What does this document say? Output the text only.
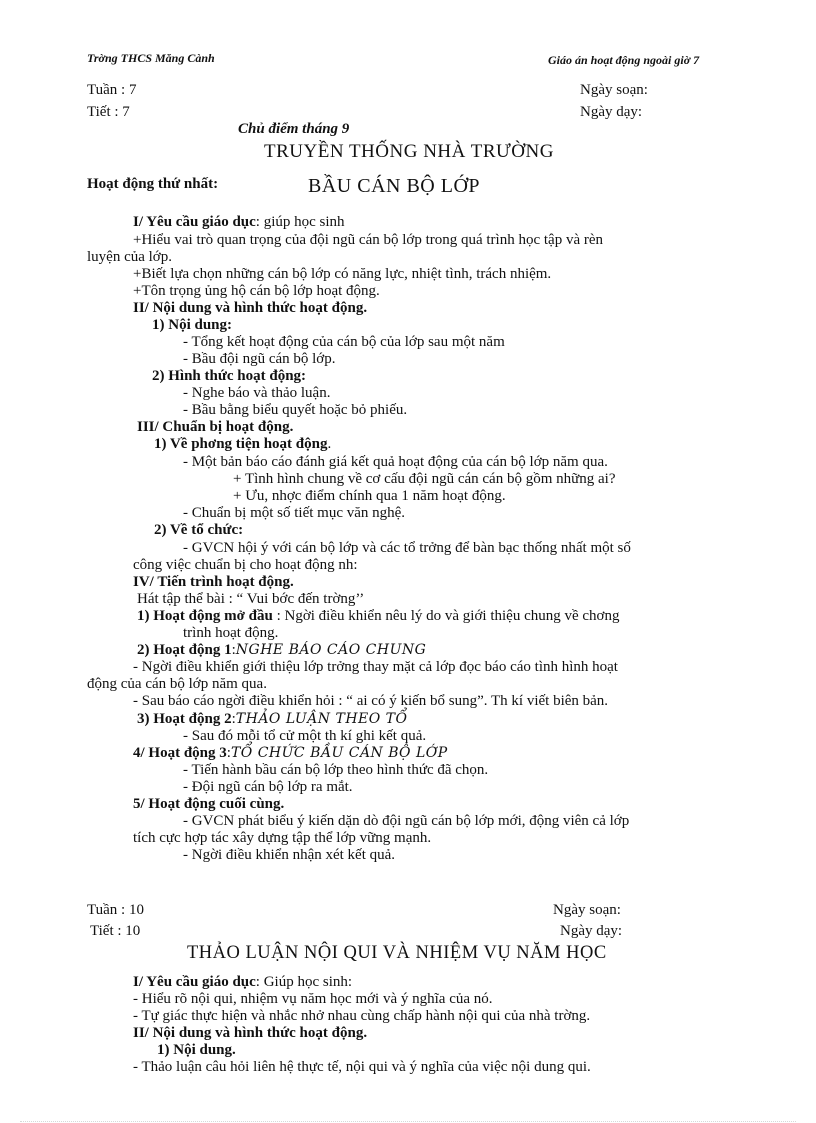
Trờng THCS Măng Cành	Giáo án hoạt động ngoài giờ 7
Tuần : 7
Tiết : 7
Ngày soạn:
Ngày dạy:
Chủ điểm tháng 9
TRUYỀN THỐNG NHÀ TRƯỜNG
Hoạt động thứ nhất:	BẦU CÁN BỘ LỚP
I/ Yêu cầu giáo dục: giúp học sinh
+Hiểu vai trò quan trọng của đội ngũ cán bộ lớp trong quá trình học tập và rèn
luyện của lớp.
+Biết lựa chọn những cán bộ lớp có năng lực, nhiệt tình, trách nhiệm.
+Tôn trọng ủng hộ cán bộ lớp hoạt động.
II/ Nội dung và hình thức hoạt động.
1) Nội dung:
- Tổng kết hoạt động của cán bộ của lớp sau một năm
- Bầu đội ngũ cán bộ lớp.
2) Hình thức hoạt động:
- Nghe báo và thảo luận.
- Bầu bằng biểu quyết hoặc bỏ phiếu.
III/ Chuẩn bị hoạt động.
1) Về phơng tiện hoạt động.
- Một bản báo cáo đánh giá kết quả hoạt động của cán bộ lớp năm qua.
+ Tình hình chung về cơ cấu đội ngũ cán cán bộ gồm những ai?
+ Ưu, nhợc điểm chính qua 1 năm hoạt động.
- Chuẩn bị một số tiết mục văn nghệ.
2) Về tổ chức:
- GVCN hội ý với cán bộ lớp và các tổ trởng để bàn bạc thống nhất một số
công việc chuẩn bị cho hoạt động nh:
IV/ Tiến trình hoạt động.
Hát tập thể bài : “ Vui bớc đến trờng’’
1) Hoạt động mở đầu : Ngời điều khiển nêu lý do và giới thiệu chung về chơng
trình hoạt động.
2) Hoạt động 1:NGHE BÁO CÁO CHUNG
- Ngời điều khiển giới thiệu lớp trởng thay mặt cả lớp đọc báo cáo tình hình hoạt
động của cán bộ lớp năm qua.
- Sau báo cáo ngời điều khiển hỏi : “ ai có ý kiến bổ sung”. Th kí viết biên bản.
3) Hoạt động 2:THẢO LUẬN THEO TỔ
- Sau đó mỗi tổ cử một th kí ghi kết quả.
4/ Hoạt động 3:TỔ CHỨC BẦU CÁN BỘ LỚP
- Tiến hành bầu cán bộ lớp theo hình thức đã chọn.
- Đội ngũ cán bộ lớp ra mắt.
5/ Hoạt động cuối cùng.
- GVCN phát biểu ý kiến dặn dò đội ngũ cán bộ lớp mới, động viên cả lớp
tích cực hợp tác xây dựng tập thể lớp vững mạnh.
- Ngời điều khiển nhận xét kết quả.
Tuần : 10
Tiết : 10
Ngày soạn:
Ngày dạy:
THẢO LUẬN NỘI QUI VÀ NHIỆM VỤ NĂM HỌC
I/ Yêu cầu giáo dục: Giúp học sinh:
- Hiểu rõ nội qui, nhiệm vụ năm học mới và ý nghĩa của nó.
- Tự giác thực hiện và nhắc nhở nhau cùng chấp hành nội qui của nhà trờng.
II/ Nội dung và hình thức hoạt động.
1) Nội dung.
- Thảo luận câu hỏi liên hệ thực tế, nội qui và ý nghĩa của việc nội dung qui.
